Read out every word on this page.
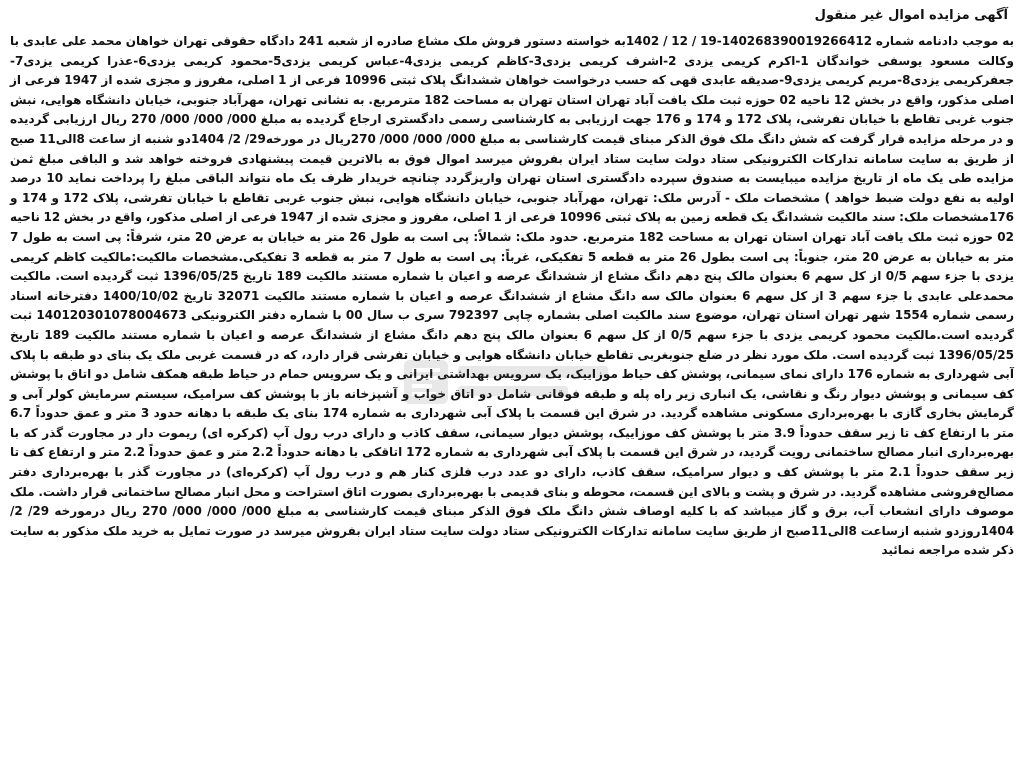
آگهی مزایده اموال غیر منقول

به موجب دادنامه شماره 140268390019266412-19 / 12 / 1402به خواسته دستور فروش ملک مشاع صادره از شعبه 241 دادگاه حقوقی تهران خواهان محمد علی عابدی با وکالت مسعود یوسفی خواندگان 1-اکرم کریمی یزدی 2-اشرف کریمی یزدی3-کاظم کریمی یزدی4-عباس کریمی یزدی5-محمود کریمی یزدی6-عذرا کریمی یزدی7-جعفرکریمی یزدی8-مریم کریمی یزدی9-صدیقه عابدی قهی که حسب درخواست خواهان ششدانگ پلاک ثبتی 10996 فرعی از 1 اصلی، مفروز و مجزی شده از 1947 فرعی از اصلی مذکور، واقع در بخش 12 ناحیه 02 حوزه ثبت ملک یافت آباد تهران استان تهران به مساحت 182 مترمربع. به نشانی تهران، مهرآباد جنوبی، خیابان دانشگاه هوایی، نبش جنوب غربی تقاطع با خیابان تفرشی، پلاک 172 و 174 و 176 جهت ارزیابی به کارشناسی رسمی دادگستری ارجاع گردیده به مبلغ 000/ 000/ 000/ 270 ریال ارزیابی گردیده و در مرحله مزایده قرار گرفت که شش دانگ ملک فوق الذکر مبنای قیمت کارشناسی به مبلغ 000/ 000/ 000/ 270ریال در مورخه29/ 2/ 1404دو شنبه از ساعت 8الی11 صبح از طریق به سایت سامانه تدارکات الکترونیکی ستاد دولت سایت ستاد ایران بفروش میرسد اموال فوق به بالاترین قیمت پیشنهادی فروخته خواهد شد و الباقی مبلغ ثمن مزایده طی یک ماه از تاریخ مزایده میبایست به صندوق سپرده دادگستری استان تهران واریزگردد چنانچه خریدار ظرف یک ماه نتواند الباقی مبلغ را پرداخت نماید 10 درصد اولیه به نفع دولت ضبط خواهد ) مشخصات ملک - آدرس ملک: تهران، مهرآباد جنوبی، خیابان دانشگاه هوایی، نبش جنوب غربی تقاطع با خیابان تفرشی، پلاک 172 و 174 و 176مشخصات ملک: سند مالکیت ششدانگ یک قطعه زمین به پلاک ثبتی 10996 فرعی از 1 اصلی، مفروز و مجزی شده از 1947 فرعی از اصلی مذکور، واقع در بخش 12 ناحیه 02 حوزه ثبت ملک یافت آباد تهران استان تهران به مساحت 182 مترمربع. حدود ملک: شمالاً: پی است به طول 26 متر به خیابان به عرض 20 متر، شرقاً: پی است به طول 7 متر به خیابان به عرض 20 متر، جنوباً: پی است بطول 26 متر به قطعه 5 تفکیکی، غرباً: پی است به طول 7 متر به قطعه 3 تفکیکی.مشخصات مالکیت:مالکیت کاظم کریمی یزدی با جزء سهم 0/5 از کل سهم 6 بعنوان مالک پنج دهم دانگ مشاع از ششدانگ عرصه و اعیان با شماره مستند مالکیت 189 تاریخ 1396/05/25 ثبت گردیده است. مالکیت محمدعلی عابدی با جزء سهم 3 از کل سهم 6 بعنوان مالک سه دانگ مشاع از ششدانگ عرصه و اعیان با شماره مستند مالکیت 32071 تاریخ 1400/10/02 دفترخانه اسناد رسمی شماره 1554 شهر تهران استان تهران، موضوع سند مالکیت اصلی بشماره چاپی 792397 سری ب سال 00 با شماره دفتر الکترونیکی 140120301078004673 ثبت گردیده است.مالکیت محمود کریمی یزدی با جزء سهم 0/5 از کل سهم 6 بعنوان مالک پنج دهم دانگ مشاع از ششدانگ عرصه و اعیان با شماره مستند مالکیت 189 تاریخ 1396/05/25 ثبت گردیده است. ملک مورد نظر در ضلع جنوبغربی تقاطع خیابان دانشگاه هوایی و خیابان تفرشی قرار دارد، که در قسمت غربی ملک یک بنای دو طبقه با پلاک آبی شهرداری به شماره 176 دارای نمای سیمانی، پوشش کف حیاط موزاییک، یک سرویس بهداشتی ایرانی و یک سرویس حمام در حیاط طبقه همکف شامل دو اتاق با پوشش کف سیمانی و پوشش دیوار رنگ و نقاشی، یک انباری زیر راه پله و طبقه فوقانی شامل دو اتاق خواب و آشپزخانه باز با پوشش کف سرامیک، سیستم سرمایش کولر آبی و گرمایش بخاری گازی با بهره‌برداری مسکونی مشاهده گردید. در شرق این قسمت با پلاک آبی شهرداری به شماره 174 بنای یک طبقه با دهانه حدود 3 متر و عمق حدوداً 6.7 متر با ارتفاع کف تا زیر سقف حدوداً 3.9 متر با پوشش کف موزاییک، پوشش دیوار سیمانی، سقف کاذب و دارای درب رول آپ (کرکره ای) ریموت دار در مجاورت گذر که با بهره‌برداری انبار مصالح ساختمانی رویت گردید، در شرق این قسمت با پلاک آبی شهرداری به شماره 172 اتاقکی با دهانه حدوداً 2.2 متر و عمق حدوداً 2.2 متر و ارتفاع کف تا زیر سقف حدوداً 2.1 متر با پوشش کف و دیوار سرامیک، سقف کاذب، دارای دو عدد درب فلزی کنار هم و درب رول آپ (کرکره‌ای) در مجاورت گذر با بهره‌برداری دفتر مصالح‌فروشی مشاهده گردید. در شرق و پشت و بالای این قسمت، محوطه و بنای قدیمی با بهره‌برداری بصورت اتاق استراحت و محل انبار مصالح ساختمانی قرار داشت. ملک موصوف دارای انشعاب آب، برق و گاز میباشد که با کلیه اوصاف شش دانگ ملک فوق الذکر مبنای قیمت کارشناسی به مبلغ 000/ 000/ 000/ 270 ریال درمورخه 29/ 2/ 1404روزدو شنبه ازساعت 8الی11صبح از طریق سایت سامانه تدارکات الکترونیکی ستاد دولت سایت ستاد ایران بفروش میرسد در صورت تمایل به خرید ملک مذکور به سایت ذکر شده مراجعه نمائید
